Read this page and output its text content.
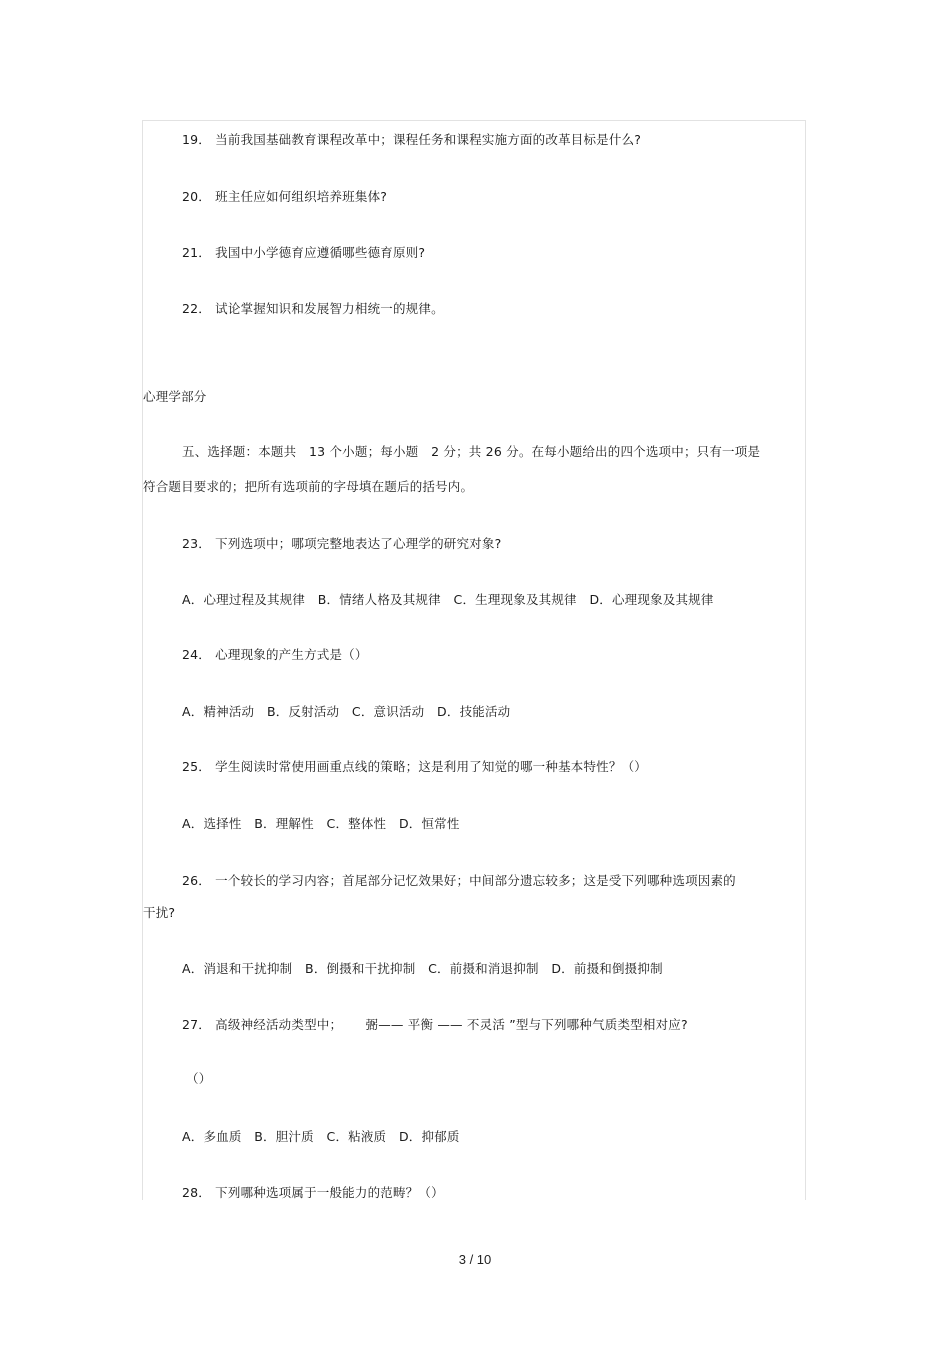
19． 当前我国基础教育课程改革中；课程任务和课程实施方面的改革目标是什么?
20． 班主任应如何组织培养班集体?
21． 我国中小学德育应遵循哪些德育原则?
22． 试论掌握知识和发展智力相统一的规律。
心理学部分
五、选择题：本题共　13 个小题；每小题　2 分；共 26 分。在每小题给出的四个选项中；只有一项是
符合题目要求的；把所有选项前的字母填在题后的括号内。
23． 下列选项中；哪项完整地表达了心理学的研究对象?
A．心理过程及其规律　B．情绪人格及其规律　C．生理现象及其规律　D．心理现象及其规律
24． 心理现象的产生方式是（）
A．精神活动　B．反射活动　C．意识活动　D．技能活动
25． 学生阅读时常使用画重点线的策略；这是利用了知觉的哪一种基本特性？（）
A．选择性　B．理解性　C．整体性　D．恒常性
26． 一个较长的学习内容；首尾部分记忆效果好；中间部分遗忘较多；这是受下列哪种选项因素的
干扰?
A．消退和干扰抑制　B．倒摄和干扰抑制　C．前摄和消退抑制　D．前摄和倒摄抑制
27． 高级神经活动类型中；　　 弻—— 平衡 —— 不灵活 ”型与下列哪种气质类型相对应?
（）
A．多血质　B．胆汁质　C．粘液质　D．抑郁质
28． 下列哪种选项属于一般能力的范畴？（）
3 / 10
